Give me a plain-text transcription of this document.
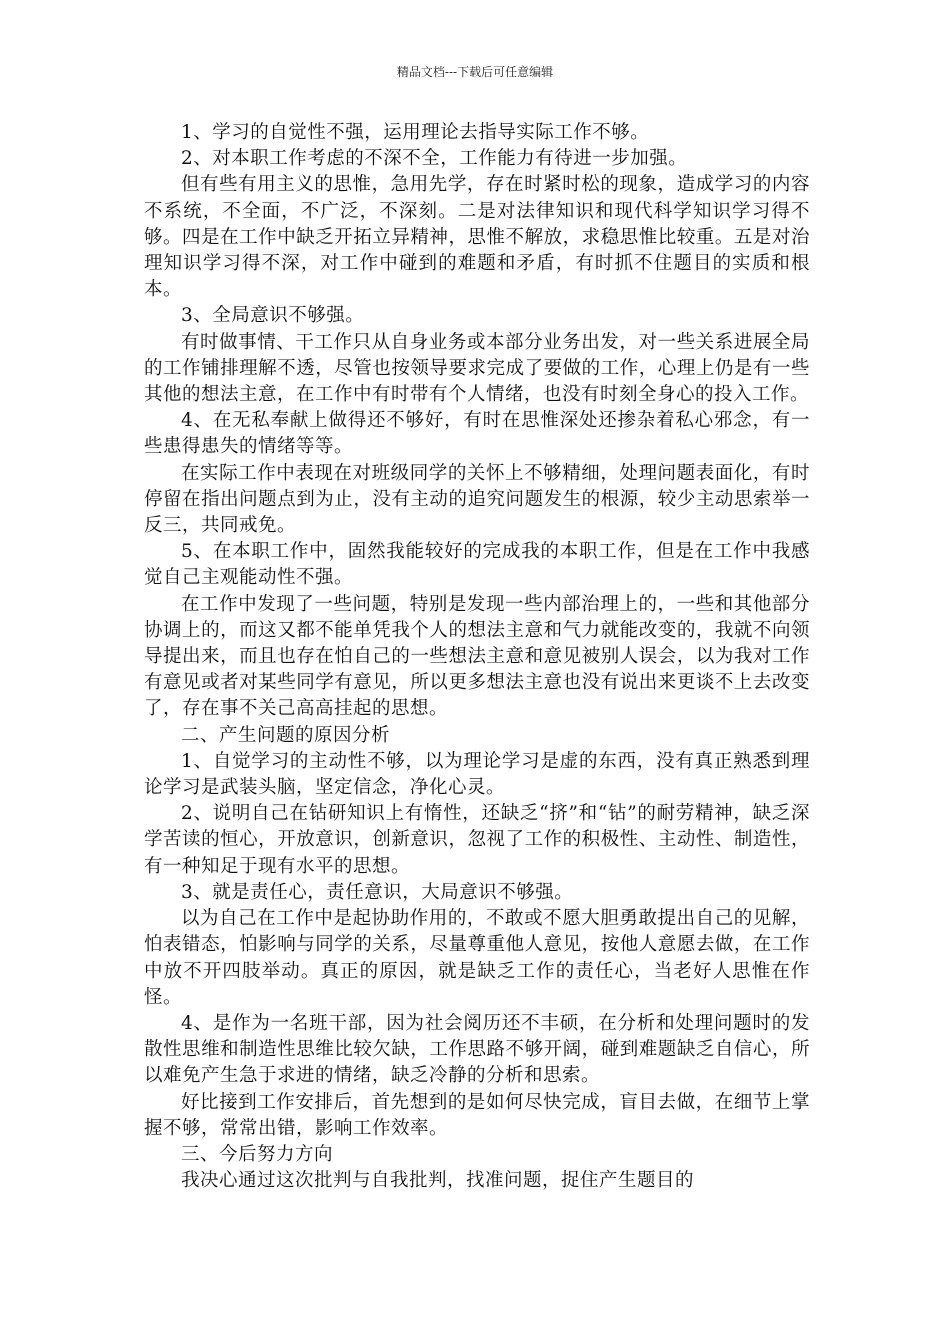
精品文档---下载后可任意编辑

1、学习的自觉性不强，运用理论去指导实际工作不够。

2、对本职工作考虑的不深不全，工作能力有待进一步加强。

但有些有用主义的思惟，急用先学，存在时紧时松的现象，造成学习的内容不系统，不全面，不广泛，不深刻。二是对法律知识和现代科学知识学习得不够。四是在工作中缺乏开拓立异精神，思惟不解放，求稳思惟比较重。五是对治理知识学习得不深，对工作中碰到的难题和矛盾，有时抓不住题目的实质和根本。

3、全局意识不够强。

有时做事情、干工作只从自身业务或本部分业务出发，对一些关系进展全局的工作铺排理解不透，尽管也按领导要求完成了要做的工作，心理上仍是有一些其他的想法主意，在工作中有时带有个人情绪，也没有时刻全身心的投入工作。

4、在无私奉献上做得还不够好，有时在思惟深处还掺杂着私心邪念，有一些患得患失的情绪等等。

在实际工作中表现在对班级同学的关怀上不够精细，处理问题表面化，有时停留在指出问题点到为止，没有主动的追究问题发生的根源，较少主动思索举一反三，共同戒免。

5、在本职工作中，固然我能较好的完成我的本职工作，但是在工作中我感觉自己主观能动性不强。

在工作中发现了一些问题，特别是发现一些内部治理上的，一些和其他部分协调上的，而这又都不能单凭我个人的想法主意和气力就能改变的，我就不向领导提出来，而且也存在怕自己的一些想法主意和意见被别人误会，以为我对工作有意见或者对某些同学有意见，所以更多想法主意也没有说出来更谈不上去改变了，存在事不关己高高挂起的思想。

二、产生问题的原因分析

1、自觉学习的主动性不够，以为理论学习是虚的东西，没有真正熟悉到理论学习是武装头脑，坚定信念，净化心灵。

2、说明自己在钻研知识上有惰性，还缺乏“挤”和“钻”的耐劳精神，缺乏深学苦读的恒心，开放意识，创新意识，忽视了工作的积极性、主动性、制造性，有一种知足于现有水平的思想。

3、就是责任心，责任意识，大局意识不够强。

以为自己在工作中是起协助作用的，不敢或不愿大胆勇敢提出自己的见解，怕表错态，怕影响与同学的关系，尽量尊重他人意见，按他人意愿去做，在工作中放不开四肢举动。真正的原因，就是缺乏工作的责任心，当老好人思惟在作怪。

4、是作为一名班干部，因为社会阅历还不丰硕，在分析和处理问题时的发散性思维和制造性思维比较欠缺，工作思路不够开阔，碰到难题缺乏自信心，所以难免产生急于求进的情绪，缺乏冷静的分析和思索。

好比接到工作安排后，首先想到的是如何尽快完成，盲目去做，在细节上掌握不够，常常出错，影响工作效率。

三、今后努力方向

我决心通过这次批判与自我批判，找准问题，捉住产生题目的
